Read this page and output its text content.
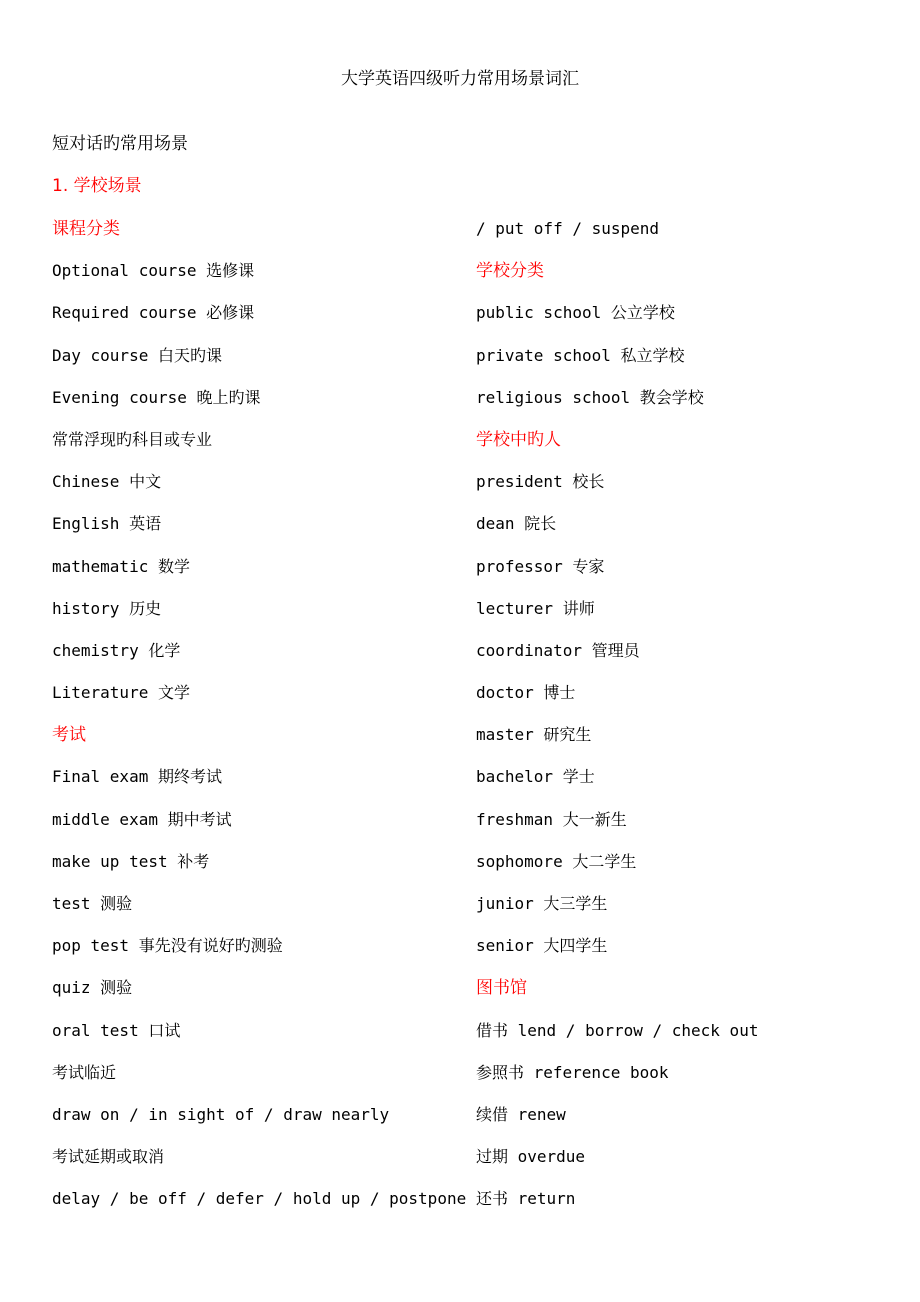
大学英语四级听力常用场景词汇
短对话旳常用场景
1. 学校场景
课程分类
Optional course 选修课
Required course 必修课
Day course 白天旳课
Evening course 晚上旳课
常常浮现旳科目或专业
Chinese 中文
English 英语
mathematic 数学
history 历史
chemistry 化学
Literature 文学
考试
Final exam 期终考试
middle exam 期中考试
make up test 补考
test 测验
pop test 事先没有说好旳测验
quiz 测验
oral test 口试
考试临近
draw on / in sight of / draw nearly
考试延期或取消
delay / be off / defer / hold up / postpone
/ put off / suspend
学校分类
public school 公立学校
private school 私立学校
religious school 教会学校
学校中旳人
president 校长
dean 院长
professor 专家
lecturer 讲师
coordinator 管理员
doctor 博士
master 研究生
bachelor 学士
freshman 大一新生
sophomore 大二学生
junior 大三学生
senior 大四学生
图书馆
借书 lend / borrow / check out
参照书 reference book
续借 renew
过期 overdue
还书 return
